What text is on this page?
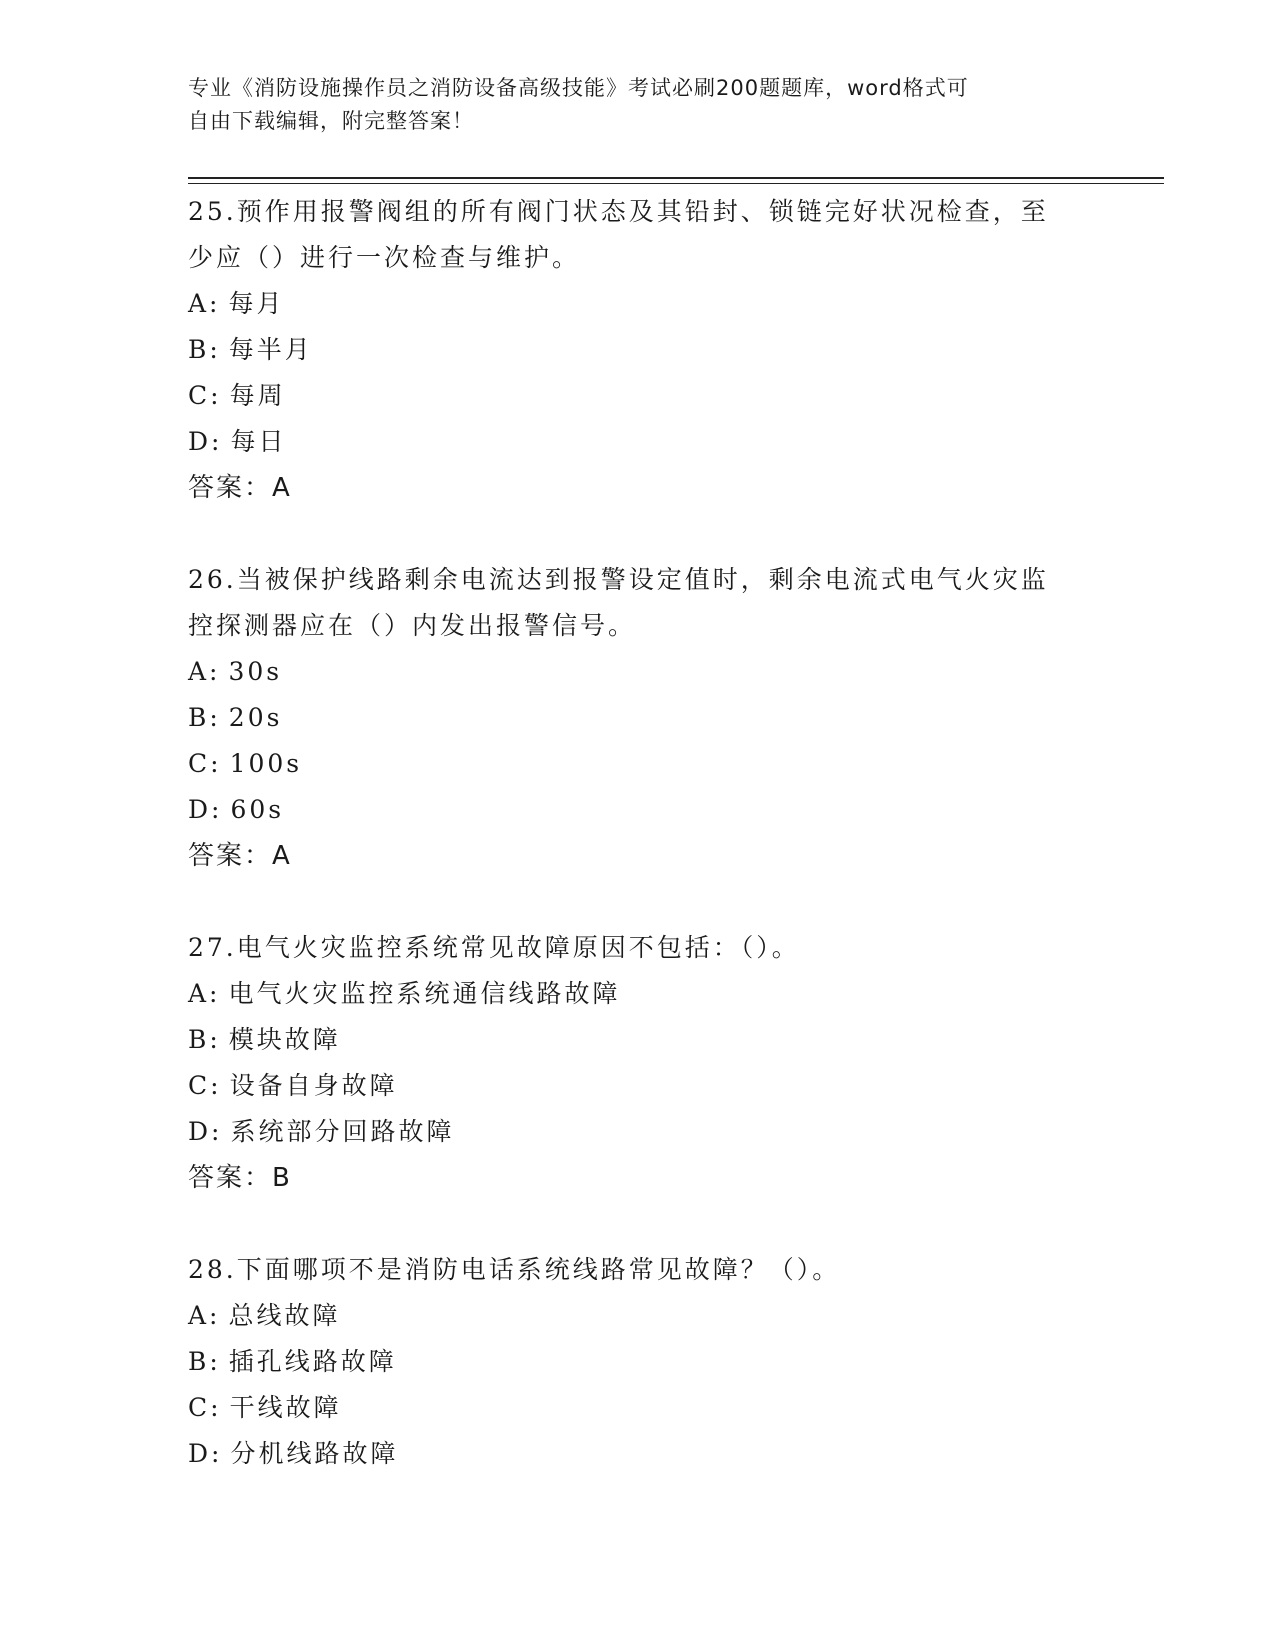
专业《消防设施操作员之消防设备高级技能》考试必刷200题题库，word格式可
自由下载编辑，附完整答案！
25.预作用报警阀组的所有阀门状态及其铅封、锁链完好状况检查，至
少应（）进行一次检查与维护。
A: 每月
B: 每半月
C: 每周
D: 每日
答案：A
26.当被保护线路剩余电流达到报警设定值时，剩余电流式电气火灾监
控探测器应在（）内发出报警信号。
A: 30s
B: 20s
C: 100s
D: 60s
答案：A
27.电气火灾监控系统常见故障原因不包括：（）。
A: 电气火灾监控系统通信线路故障
B: 模块故障
C: 设备自身故障
D: 系统部分回路故障
答案：B
28.下面哪项不是消防电话系统线路常见故障？（）。
A: 总线故障
B: 插孔线路故障
C: 干线故障
D: 分机线路故障
